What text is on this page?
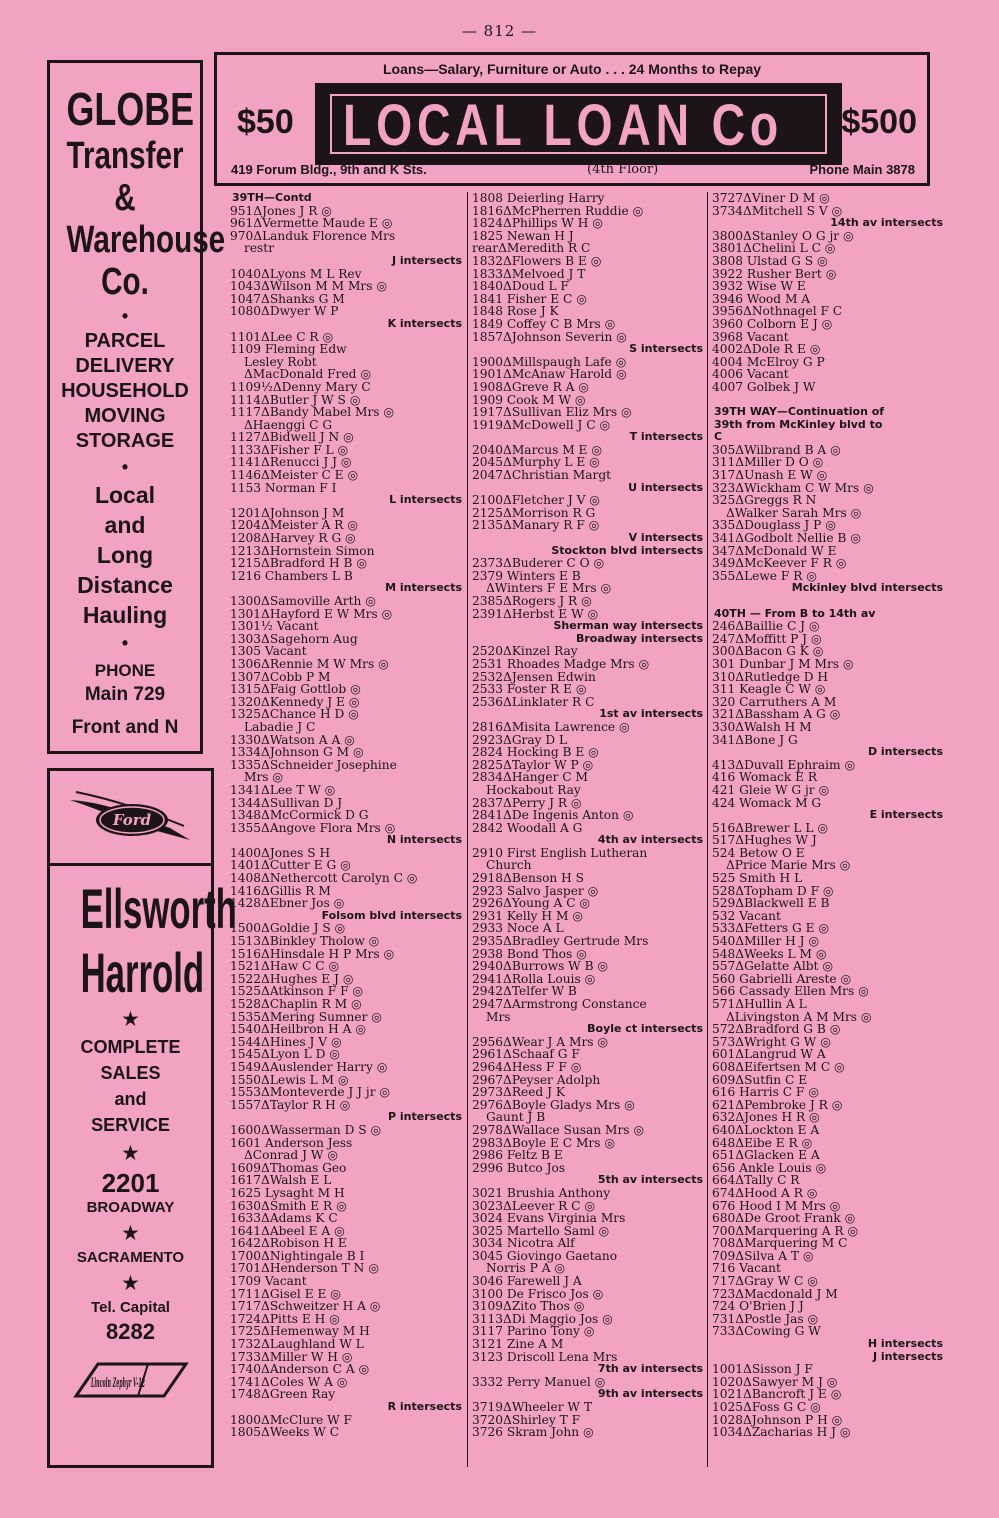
— 812 —
GLOBE
Transfer
&
Warehouse
Co.
•
PARCEL
DELIVERY
HOUSEHOLD
MOVING
STORAGE
•
Local
and
Long
Distance
Hauling
•
PHONE
Main 729
Front and N
Ford
Ellsworth
Harrold
★
COMPLETE
SALES
and
SERVICE
★
2201
BROADWAY
★
SACRAMENTO
★
Tel. Capital
8282
Lincoln Zephyr V-12
Loans—Salary, Furniture or Auto . . . 24 Months to Repay
$50 LOCAL LOAN Co $500
419 Forum Bldg., 9th and K Sts.	(4th Floor)	Phone Main 3878
39TH—Contd
951ΔJones J R ◎
961ΔVermette Maude E ◎
970ΔLanduk Florence Mrs
restr
J intersects
1040ΔLyons M L Rev
1043ΔWilson M M Mrs ◎
1047ΔShanks G M
1080ΔDwyer W P
K intersects
1101ΔLee C R ◎
1109 Fleming Edw
Lesley Robt
ΔMacDonald Fred ◎
1109½ΔDenny Mary C
1114ΔButler J W S ◎
1117ΔBandy Mabel Mrs ◎
ΔHaenggi C G
1127ΔBidwell J N ◎
1133ΔFisher F L ◎
1141ΔRenucci J J ◎
1146ΔMeister C E ◎
1153 Norman F I
L intersects
1201ΔJohnson J M
1204ΔMeister A R ◎
1208ΔHarvey R G ◎
1213ΔHornstein Simon
1215ΔBradford H B ◎
1216 Chambers L B
M intersects
1300ΔSamoville Arth ◎
1301ΔHayford E W Mrs ◎
1301½ Vacant
1303ΔSagehorn Aug
1305 Vacant
1306ΔRennie M W Mrs ◎
1307ΔCobb P M
1315ΔFaig Gottlob ◎
1320ΔKennedy J E ◎
1325ΔChance H D ◎
Labadie J C
1330ΔWatson A A ◎
1334ΔJohnson G M ◎
1335ΔSchneider Josephine
Mrs ◎
1341ΔLee T W ◎
1344ΔSullivan D J
1348ΔMcCormick D G
1355ΔAngove Flora Mrs ◎
N intersects
1400ΔJones S H
1401ΔCutter E G ◎
1408ΔNethercott Carolyn C ◎
1416ΔGillis R M
1428ΔEbner Jos ◎
Folsom blvd intersects
1500ΔGoldie J S ◎
1513ΔBinkley Tholow ◎
1516ΔHinsdale H P Mrs ◎
1521ΔHaw C C ◎
1522ΔHughes E J ◎
1525ΔAtkinson F F ◎
1528ΔChaplin R M ◎
1535ΔMering Sumner ◎
1540ΔHeilbron H A ◎
1544ΔHines J V ◎
1545ΔLyon L D ◎
1549ΔAuslender Harry ◎
1550ΔLewis L M ◎
1553ΔMonteverde J J jr ◎
1557ΔTaylor R H ◎
P intersects
1600ΔWasserman D S ◎
1601 Anderson Jess
ΔConrad J W ◎
1609ΔThomas Geo
1617ΔWalsh E L
1625 Lysaght M H
1630ΔSmith E R ◎
1633ΔAdams K C
1641ΔAbeel E A ◎
1642ΔRobison H E
1700ΔNightingale B I
1701ΔHenderson T N ◎
1709 Vacant
1711ΔGisel E E ◎
1717ΔSchweitzer H A ◎
1724ΔPitts E H ◎
1725ΔHemenway M H
1732ΔLaughland W L
1733ΔMiller W H ◎
1740ΔAnderson C A ◎
1741ΔColes W A ◎
1748ΔGreen Ray
R intersects
1800ΔMcClure W F
1805ΔWeeks W C
1808 Deierling Harry
1816ΔMcPherren Ruddie ◎
1824ΔPhillips W H ◎
1825 Newan H J
rearΔMeredith R C
1832ΔFlowers B E ◎
1833ΔMelvoed J T
1840ΔDoud L F
1841 Fisher E C ◎
1848 Rose J K
1849 Coffey C B Mrs ◎
1857ΔJohnson Severin ◎
S intersects
1900ΔMillspaugh Lafe ◎
1901ΔMcAnaw Harold ◎
1908ΔGreve R A ◎
1909 Cook M W ◎
1917ΔSullivan Eliz Mrs ◎
1919ΔMcDowell J C ◎
T intersects
2040ΔMarcus M E ◎
2045ΔMurphy L E ◎
2047ΔChristian Margt
U intersects
2100ΔFletcher J V ◎
2125ΔMorrison R G
2135ΔManary R F ◎
V intersects
Stockton blvd intersects
2373ΔBuderer C O ◎
2379 Winters E B
ΔWinters F E Mrs ◎
2385ΔRogers J R ◎
2391ΔHerbst E W ◎
Sherman way intersects
Broadway intersects
2520ΔKinzel Ray
2531 Rhoades Madge Mrs ◎
2532ΔJensen Edwin
2533 Foster R E ◎
2536ΔLinklater R C
1st av intersects
2816ΔMisita Lawrence ◎
2923ΔGray D L
2824 Hocking B E ◎
2825ΔTaylor W P ◎
2834ΔHanger C M
Hockabout Ray
2837ΔPerry J R ◎
2841ΔDe Ingenis Anton ◎
2842 Woodall A G
4th av intersects
2910 First English Lutheran
Church
2918ΔBenson H S
2923 Salvo Jasper ◎
2926ΔYoung A C ◎
2931 Kelly H M ◎
2933 Noce A L
2935ΔBradley Gertrude Mrs
2938 Bond Thos ◎
2940ΔBurrows W B ◎
2941ΔRolla Louis ◎
2942ΔTelfer W B
2947ΔArmstrong Constance
Mrs
Boyle ct intersects
2956ΔWear J A Mrs ◎
2961ΔSchaaf G F
2964ΔHess F F ◎
2967ΔPeyser Adolph
2973ΔReed J K
2976ΔBoyle Gladys Mrs ◎
Gaunt J B
2978ΔWallace Susan Mrs ◎
2983ΔBoyle E C Mrs ◎
2986 Feltz B E
2996 Butco Jos
5th av intersects
3021 Brushia Anthony
3023ΔLeever R C ◎
3024 Evans Virginia Mrs
3025 Martello Saml ◎
3034 Nicotra Alf
3045 Giovingo Gaetano
Norris P A ◎
3046 Farewell J A
3100 De Frisco Jos ◎
3109ΔZito Thos ◎
3113ΔDi Maggio Jos ◎
3117 Parino Tony ◎
3121 Zine A M
3123 Driscoll Lena Mrs
7th av intersects
3332 Perry Manuel ◎
9th av intersects
3719ΔWheeler W T
3720ΔShirley T F
3726 Skram John ◎
3727ΔViner D M ◎
3734ΔMitchell S V ◎
14th av intersects
3800ΔStanley O G jr ◎
3801ΔChelini L C ◎
3808 Ulstad G S ◎
3922 Rusher Bert ◎
3932 Wise W E
3946 Wood M A
3956ΔNothnagel F C
3960 Colborn E J ◎
3968 Vacant
4002ΔDole R E ◎
4004 McElroy G P
4006 Vacant
4007 Golbek J W
39TH WAY—Continuation of
39th from McKinley blvd to
C
305ΔWilbrand B A ◎
311ΔMiller D O ◎
317ΔUnash E W ◎
323ΔWickham C W Mrs ◎
325ΔGreggs R N
ΔWalker Sarah Mrs ◎
335ΔDouglass J P ◎
341ΔGodbolt Nellie B ◎
347ΔMcDonald W E
349ΔMcKeever F R ◎
355ΔLewe F R ◎
Mckinley blvd intersects
40TH — From B to 14th av
246ΔBaillie C J ◎
247ΔMoffitt P J ◎
300ΔBacon G K ◎
301 Dunbar J M Mrs ◎
310ΔRutledge D H
311 Keagle C W ◎
320 Carruthers A M
321ΔBassham A G ◎
330ΔWalsh H M
341ΔBone J G
D intersects
413ΔDuvall Ephraim ◎
416 Womack E R
421 Gleie W G jr ◎
424 Womack M G
E intersects
516ΔBrewer L L ◎
517ΔHughes W J
524 Betow O E
ΔPrice Marie Mrs ◎
525 Smith H L
528ΔTopham D F ◎
529ΔBlackwell E B
532 Vacant
533ΔFetters G E ◎
540ΔMiller H J ◎
548ΔWeeks L M ◎
557ΔGelatte Albt ◎
560 Gabrielli Areste ◎
566 Cassady Ellen Mrs ◎
571ΔHullin A L
ΔLivingston A M Mrs ◎
572ΔBradford G B ◎
573ΔWright G W ◎
601ΔLangrud W A
608ΔEifertsen M C ◎
609ΔSutfin C E
616 Harris C F ◎
621ΔPembroke J R ◎
632ΔJones H R ◎
640ΔLockton E A
648ΔEibe E R ◎
651ΔGlacken E A
656 Ankle Louis ◎
664ΔTally C R
674ΔHood A R ◎
676 Hood I M Mrs ◎
680ΔDe Groot Frank ◎
700ΔMarquering A R ◎
708ΔMarquering M C
709ΔSilva A T ◎
716 Vacant
717ΔGray W C ◎
723ΔMacdonald J M
724 O'Brien J J
731ΔPostle Jas ◎
733ΔCowing G W
H intersects
J intersects
1001ΔSisson J F
1020ΔSawyer M J ◎
1021ΔBancroft J E ◎
1025ΔFoss G C ◎
1028ΔJohnson P H ◎
1034ΔZacharias H J ◎
